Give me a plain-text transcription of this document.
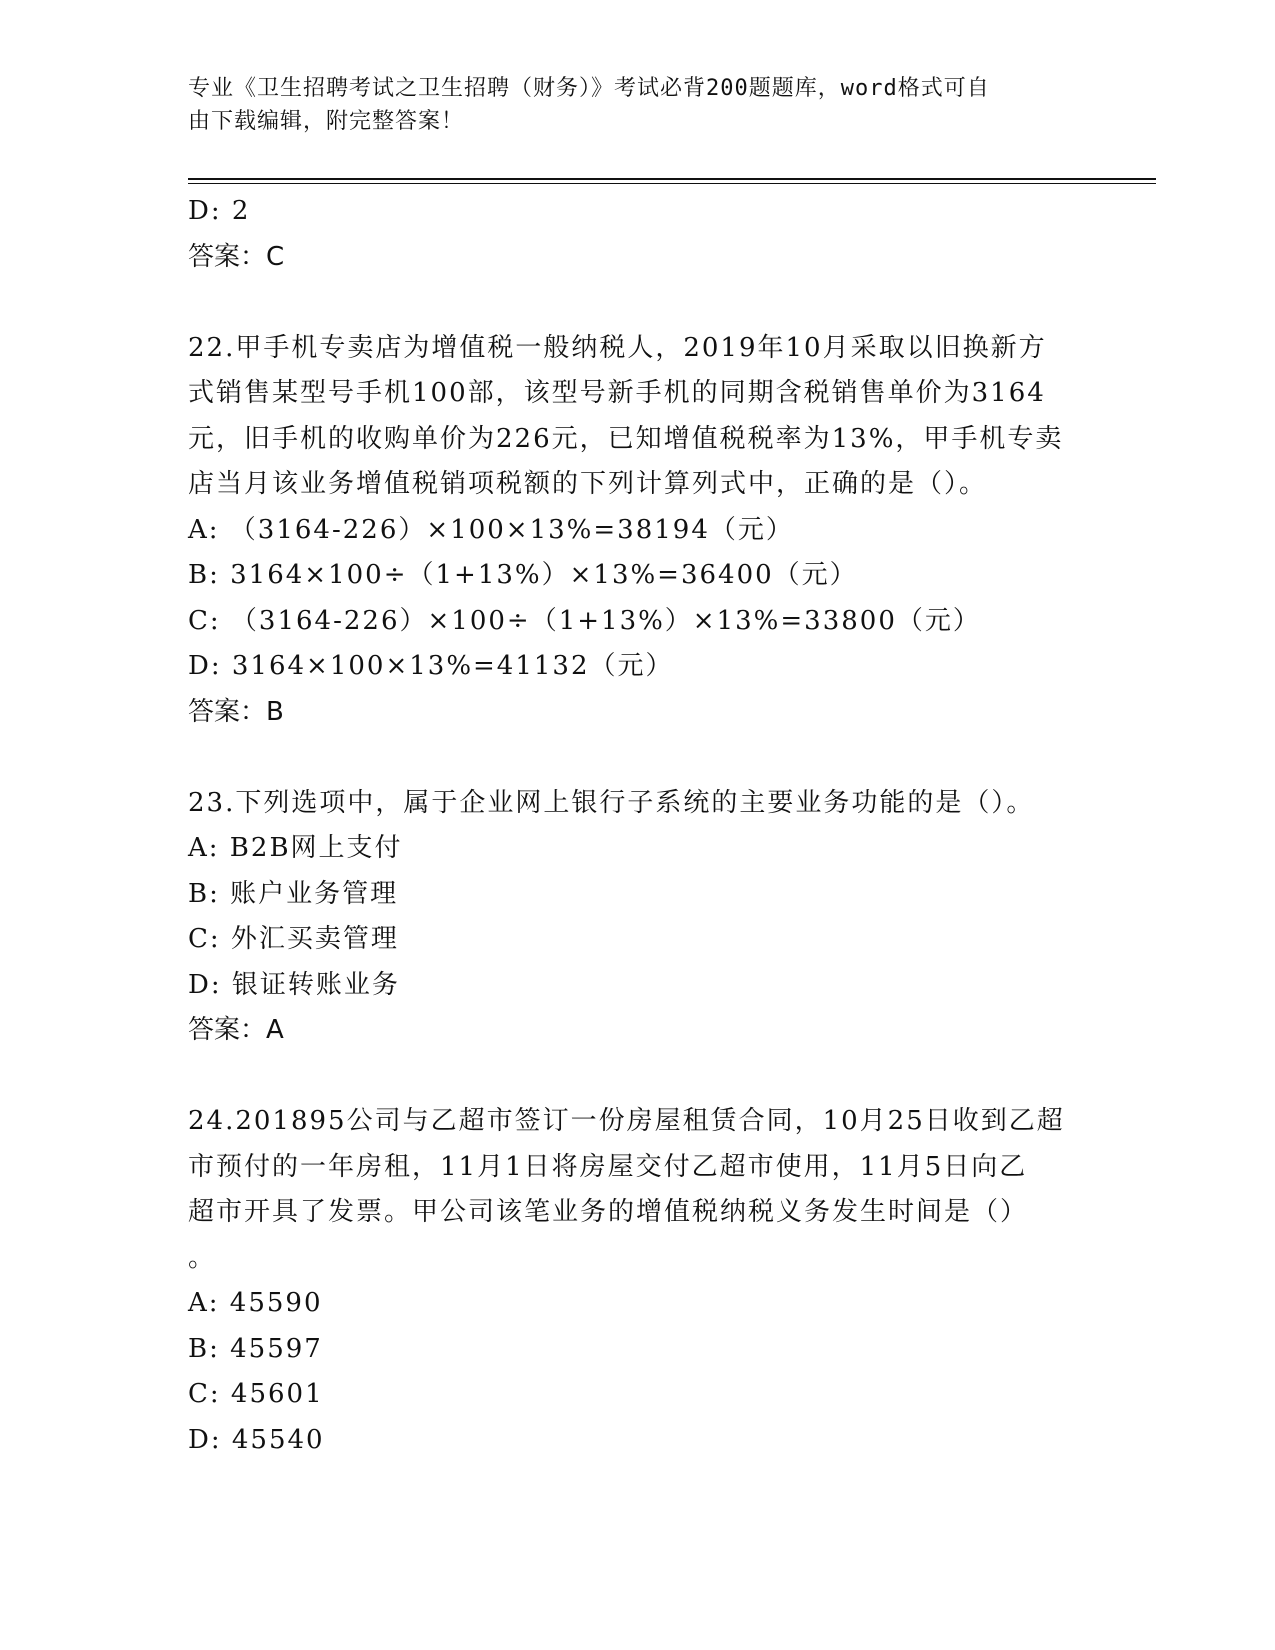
专业《卫生招聘考试之卫生招聘（财务）》考试必背200题题库，word格式可自
由下载编辑，附完整答案！
D: 2
答案：C
22.甲手机专卖店为增值税一般纳税人，2019年10月采取以旧换新方
式销售某型号手机100部，该型号新手机的同期含税销售单价为3164
元，旧手机的收购单价为226元，已知增值税税率为13%，甲手机专卖
店当月该业务增值税销项税额的下列计算列式中，正确的是（）。
A: （3164-226）×100×13%=38194（元）
B: 3164×100÷（1+13%）×13%=36400（元）
C: （3164-226）×100÷（1+13%）×13%=33800（元）
D: 3164×100×13%=41132（元）
答案：B
23.下列选项中，属于企业网上银行子系统的主要业务功能的是（）。
A: B2B网上支付
B: 账户业务管理
C: 外汇买卖管理
D: 银证转账业务
答案：A
24.201895公司与乙超市签订一份房屋租赁合同，10月25日收到乙超
市预付的一年房租，11月1日将房屋交付乙超市使用，11月5日向乙
超市开具了发票。甲公司该笔业务的增值税纳税义务发生时间是（）
。
A: 45590
B: 45597
C: 45601
D: 45540
